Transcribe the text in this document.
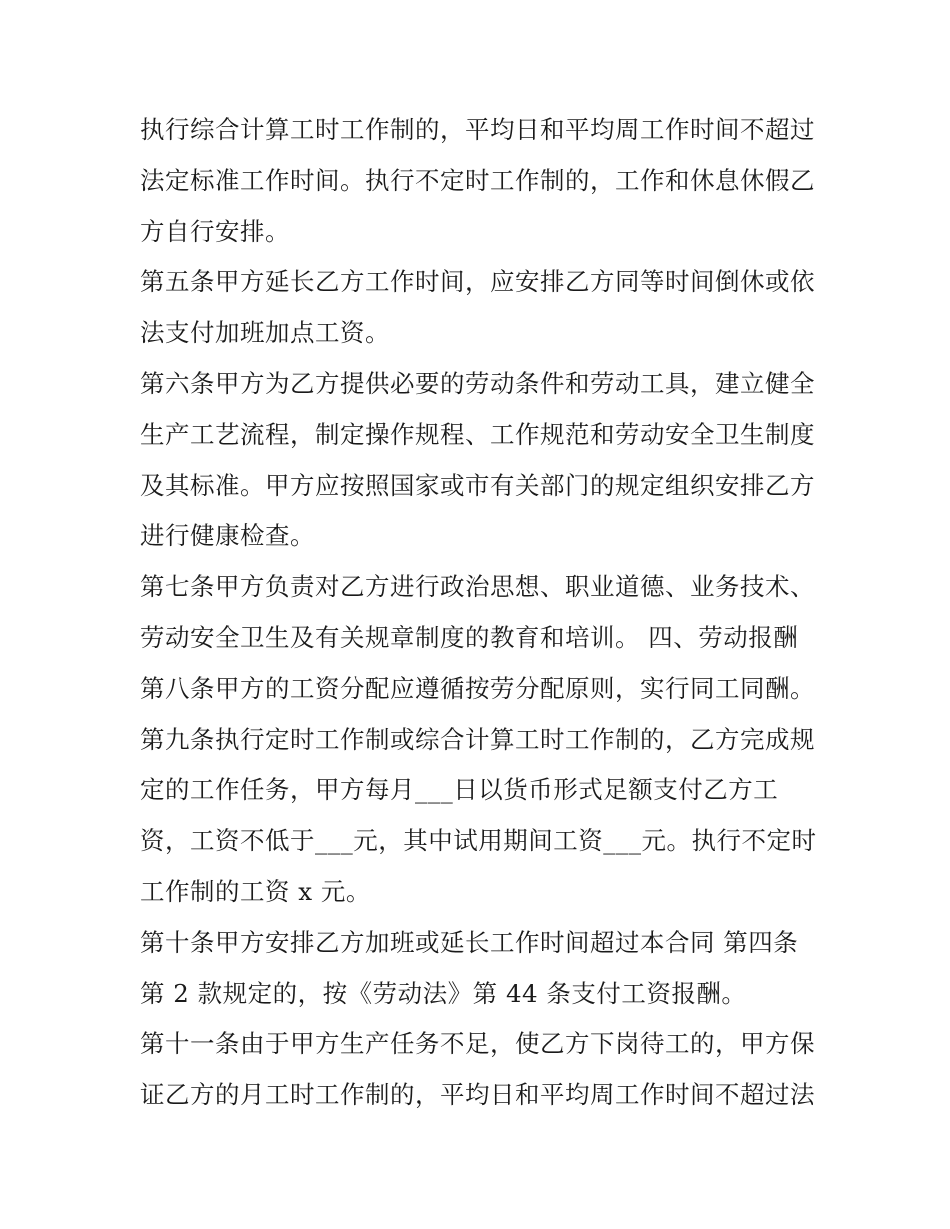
执行综合计算工时工作制的，平均日和平均周工作时间不超过
法定标准工作时间。执行不定时工作制的，工作和休息休假乙
方自行安排。
第五条甲方延长乙方工作时间，应安排乙方同等时间倒休或依
法支付加班加点工资。
第六条甲方为乙方提供必要的劳动条件和劳动工具，建立健全
生产工艺流程，制定操作规程、工作规范和劳动安全卫生制度
及其标准。甲方应按照国家或市有关部门的规定组织安排乙方
进行健康检查。
第七条甲方负责对乙方进行政治思想、职业道德、业务技术、
劳动安全卫生及有关规章制度的教育和培训。 四、劳动报酬
第八条甲方的工资分配应遵循按劳分配原则，实行同工同酬。
第九条执行定时工作制或综合计算工时工作制的，乙方完成规
定的工作任务，甲方每月___日以货币形式足额支付乙方工
资，工资不低于___元，其中试用期间工资___元。执行不定时
工作制的工资 x 元。
第十条甲方安排乙方加班或延长工作时间超过本合同 第四条
第 2 款规定的，按《劳动法》第 44 条支付工资报酬。
第十一条由于甲方生产任务不足，使乙方下岗待工的，甲方保
证乙方的月工时工作制的，平均日和平均周工作时间不超过法
